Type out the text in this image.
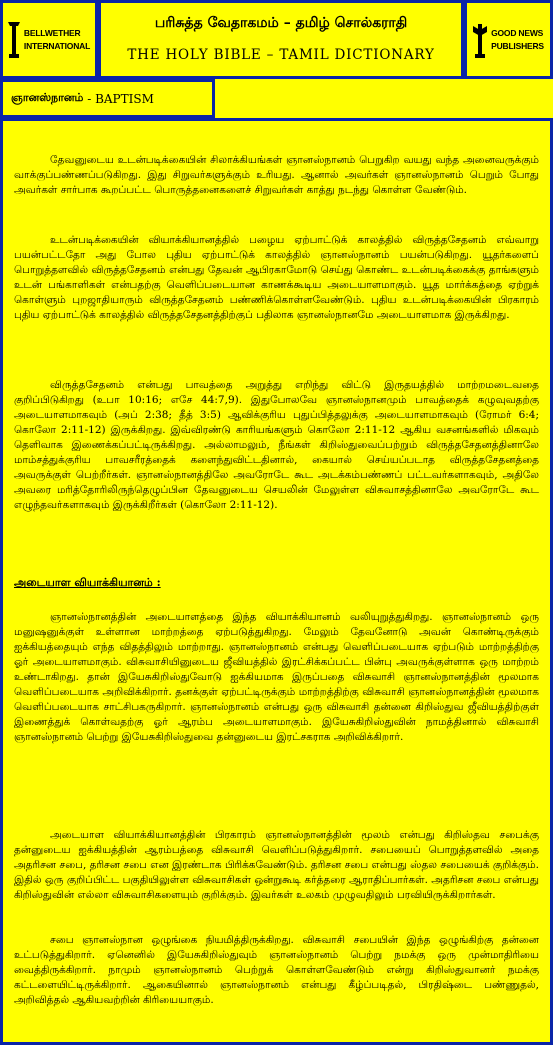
BELLWETHER
INTERNATIONAL
பரிசுத்த வேதாகமம் – தமிழ் சொல்கராதி
THE HOLY BIBLE – TAMIL DICTIONARY
GOOD NEWS
PUBLISHERS
ஞானஸ்நானம் - BAPTISM

தேவனுடைய உடன்படிக்கையின் சிலாக்கியங்கள் ஞானஸ்நானம் பெறுகிற வயது வந்த அனைவருக்கும் வாக்குப்பண்ணப்படுகிறது. இது சிறுவர்களுக்கும் உரியது. ஆனால் அவர்கள் ஞானஸ்நானம் பெறும் போது அவர்கள் சார்பாக கூறப்பட்ட பொருத்தனைகளைச் சிறுவர்கள் காத்து நடந்து கொள்ள வேண்டும்.

உடன்படிக்கையின் வியாக்கியானத்தில் பழைய ஏற்பாட்டுக் காலத்தில் விருத்தசேதனம் எவ்வாறு பயன்பட்டதோ அது போல புதிய ஏற்பாட்டுக் காலத்தில் ஞானஸ்நானம் பயன்படுகிறது. யூதர்களைப் பொறுத்தளவில் விருத்தசேதனம் என்பது தேவன் ஆபிரகாமோடு செய்து கொண்ட உடன்படிக்கைக்கு தாங்களும் உடன் பங்காளிகள் என்பதற்கு வெளிப்படையான காணக்கூடிய அடையாளமாகும். யூத மார்க்கத்தை ஏற்றுக் கொள்ளும் புறஜாதியாரும் விருத்தசேதனம் பண்ணிக்கொள்ளவேண்டும். புதிய உடன்படிக்கையின் பிரகாரம் புதிய ஏற்பாட்டுக் காலத்தில் விருத்தசேதனத்திற்குப் பதிலாக ஞானஸ்நானமே அடையாளமாக இருக்கிறது.

விருத்தசேதனம் என்பது பாவத்தை அறுத்து எறிந்து விட்டு இருதயத்தில் மாற்றமடைவதை குறிப்பிடுகிறது (உபா 10:16; எசே 44:7,9). இதுபோலவே ஞானஸ்நானமும் பாவத்தைக் கழுவுவதற்கு அடையாளமாகவும் (அப் 2:38; தீத் 3:5) ஆவிக்குரிய புதுப்பித்தலுக்கு அடையாளமாகவும் (ரோமர் 6:4; கொலோ 2:11-12) இருக்கிறது. இவ்விரண்டு காரியங்களும் கொலோ 2:11-12 ஆகிய வசனங்களில் மிகவும் தெளிவாக இணைக்கப்பட்டிருக்கிறது. அல்லாமலும், நீங்கள் கிறிஸ்துவைப்பற்றும் விருத்தசேதனத்தினாலே மாம்சத்துக்குரிய பாவசரீரத்தைக் களைந்துவிட்டதினால், கையால் செய்யப்படாத விருத்தசேதனத்தை அவருக்குள் பெற்றீர்கள். ஞானஸ்நானத்திலே அவரோடே கூட அடக்கம்பண்ணப் பட்டவர்களாகவும், அதிலே அவரை மரித்தோரிலிருந்தெழுப்பின தேவனுடைய செயலின் மேலுள்ள விசுவாசத்தினாலே அவரோடே கூட எழுந்தவர்களாகவும் இருக்கிறீர்கள் (கொலோ 2:11-12).

அடையாள வியாக்கியானம் :

ஞானஸ்நானத்தின் அடையாளத்தை இந்த வியாக்கியானம் வலியுறுத்துகிறது. ஞானஸ்நானம் ஒரு மனுஷனுக்குள் உள்ளான மாற்றத்தை ஏற்படுத்துகிறது. மேலும் தேவனோடு அவன் கொண்டிருக்கும் ஐக்கியத்தையும் எந்த விதத்திலும் மாற்றாது. ஞானஸ்நானம் என்பது வெளிப்படையாக ஏற்படும் மாற்றத்திற்கு ஓர் அடையாளமாகும். விசுவாசியினுடைய ஜீவியத்தில் இரட்சிக்கப்பட்ட பின்பு அவருக்குள்ளாக ஒரு மாற்றம் உண்டாகிறது. தான் இயேசுகிறிஸ்துவோடு ஐக்கியமாக இருப்பதை விசுவாசி ஞானஸ்நானத்தின் மூலமாக வெளிப்படையாக அறிவிக்கிறார். தனக்குள் ஏற்பட்டிருக்கும் மாற்றத்திற்கு விசுவாசி ஞானஸ்நானத்தின் மூலமாக வெளிப்படையாக சாட்சிபகருகிறார். ஞானஸ்நானம் என்பது ஒரு விசுவாசி தன்னை கிறிஸ்துவ ஜீவியத்திற்குள் இணைத்துக் கொள்வதற்கு ஓர் ஆரம்ப அடையாளமாகும். இயேசுகிறிஸ்துவின் நாமத்தினால் விசுவாசி ஞானஸ்நானம் பெற்று இயேசுகிறிஸ்துவை தன்னுடைய இரட்சகராக அறிவிக்கிறார்.

அடையாள வியாக்கியானத்தின் பிரகாரம் ஞானஸ்நானத்தின் மூலம் என்பது கிறிஸ்தவ சபைக்கு தன்னுடைய ஐக்கியத்தின் ஆரம்பத்தை விசுவாசி வெளிப்படுத்துகிறார். சபையைப் பொறுத்தளவில் அதை அதரிசன சபை, தரிசன சபை என இரண்டாக பிரிக்கவேண்டும். தரிசன சபை என்பது ஸ்தல சபையைக் குறிக்கும். இதில் ஒரு குறிப்பிட்ட பகுதியிலுள்ள விசுவாசிகள் ஒன்றுகூடி கர்த்தரை ஆராதிப்பார்கள். அதரிசன சபை என்பது கிறிஸ்துவின் எல்லா விசுவாசிகளையும் குறிக்கும். இவர்கள் உலகம் முழுவதிலும் பரவியிருக்கிறார்கள்.

சபை ஞானஸ்நான ஒழுங்கை நியமித்திருக்கிறது. விசுவாசி சபையின் இந்த ஒழுங்கிற்கு தன்னை உட்படுத்துகிறார். ஏனெனில் இயேசுகிறிஸ்துவும் ஞானஸ்நானம் பெற்று நமக்கு ஒரு முன்மாதிரியை வைத்திருக்கிறார். நாமும் ஞானஸ்நானம் பெற்றுக் கொள்ளவேண்டும் என்று கிறிஸ்துவானர் நமக்கு கட்டளையிட்டிருக்கிறார். ஆகையினால் ஞானஸ்நானம் என்பது கீழ்ப்படிதல், பிரதிஷ்டை பண்ணுதல், அறிவித்தல் ஆகியவற்றின் கிரியையாகும்.
